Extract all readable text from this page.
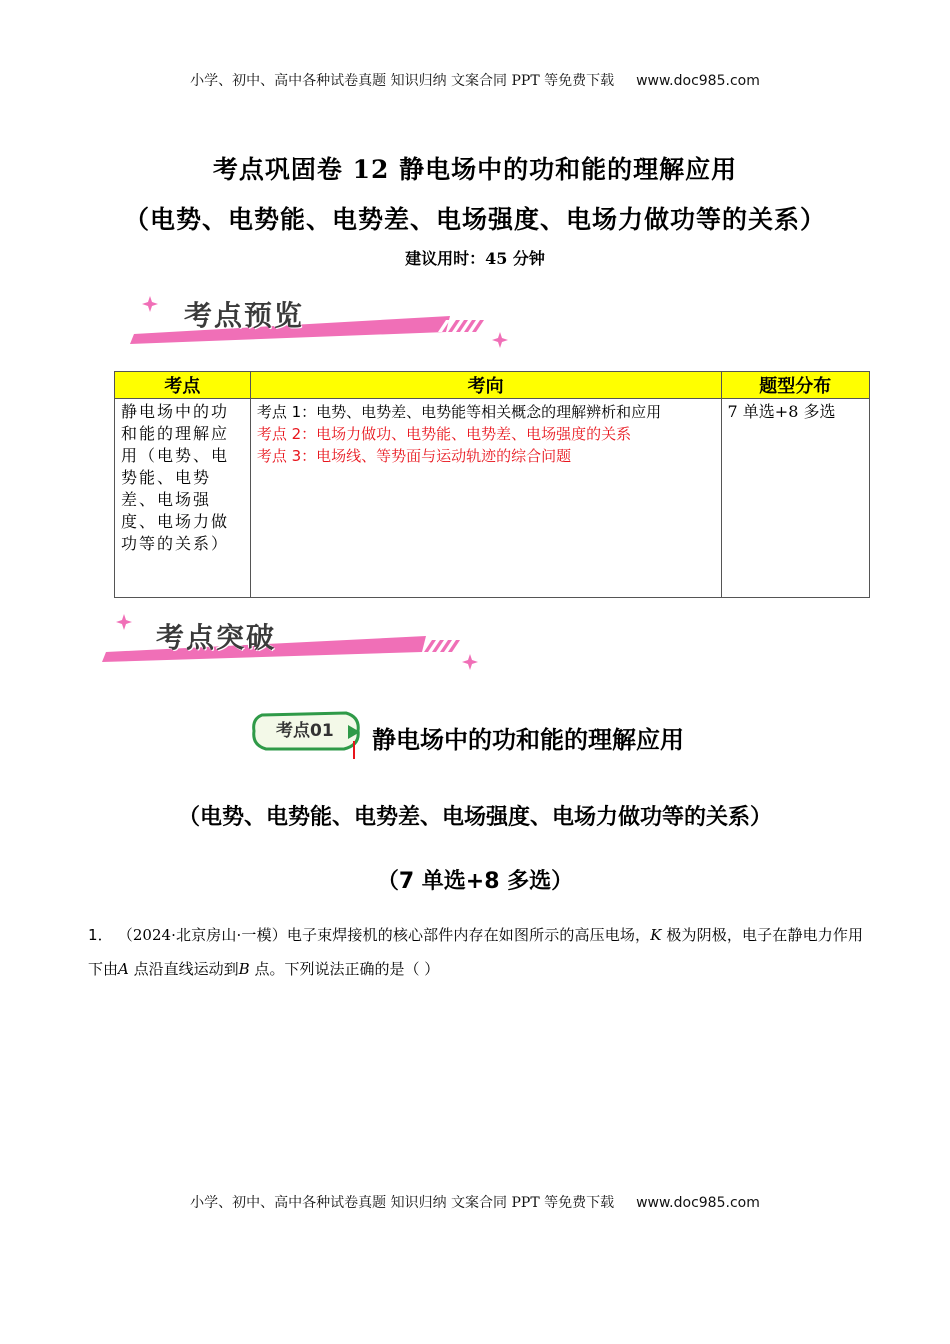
小学、初中、高中各种试卷真题 知识归纳 文案合同 PPT 等免费下载 www.doc985.com
考点巩固卷 12 静电场中的功和能的理解应用
（电势、电势能、电势差、电场强度、电场力做功等的关系）
建议用时：45 分钟
考点预览
考点	考向	题型分布
静电场中的功和能的理解应用（电势、电势能、电势差、电场强度、电场力做功等的关系）	考点 1：电势、电势差、电势能等相关概念的理解辨析和应用
考点 2：电场力做功、电势能、电势差、电场强度的关系
考点 3：电场线、等势面与运动轨迹的综合问题	7 单选+8 多选
考点突破
考点01 静电场中的功和能的理解应用
（电势、电势能、电势差、电场强度、电场力做功等的关系）
（7 单选+8 多选）
1． （2024·北京房山·一模）电子束焊接机的核心部件内存在如图所示的高压电场，K 极为阴极，电子在静电力作用下由A 点沿直线运动到B 点。下列说法正确的是（ ）
小学、初中、高中各种试卷真题 知识归纳 文案合同 PPT 等免费下载 www.doc985.com
